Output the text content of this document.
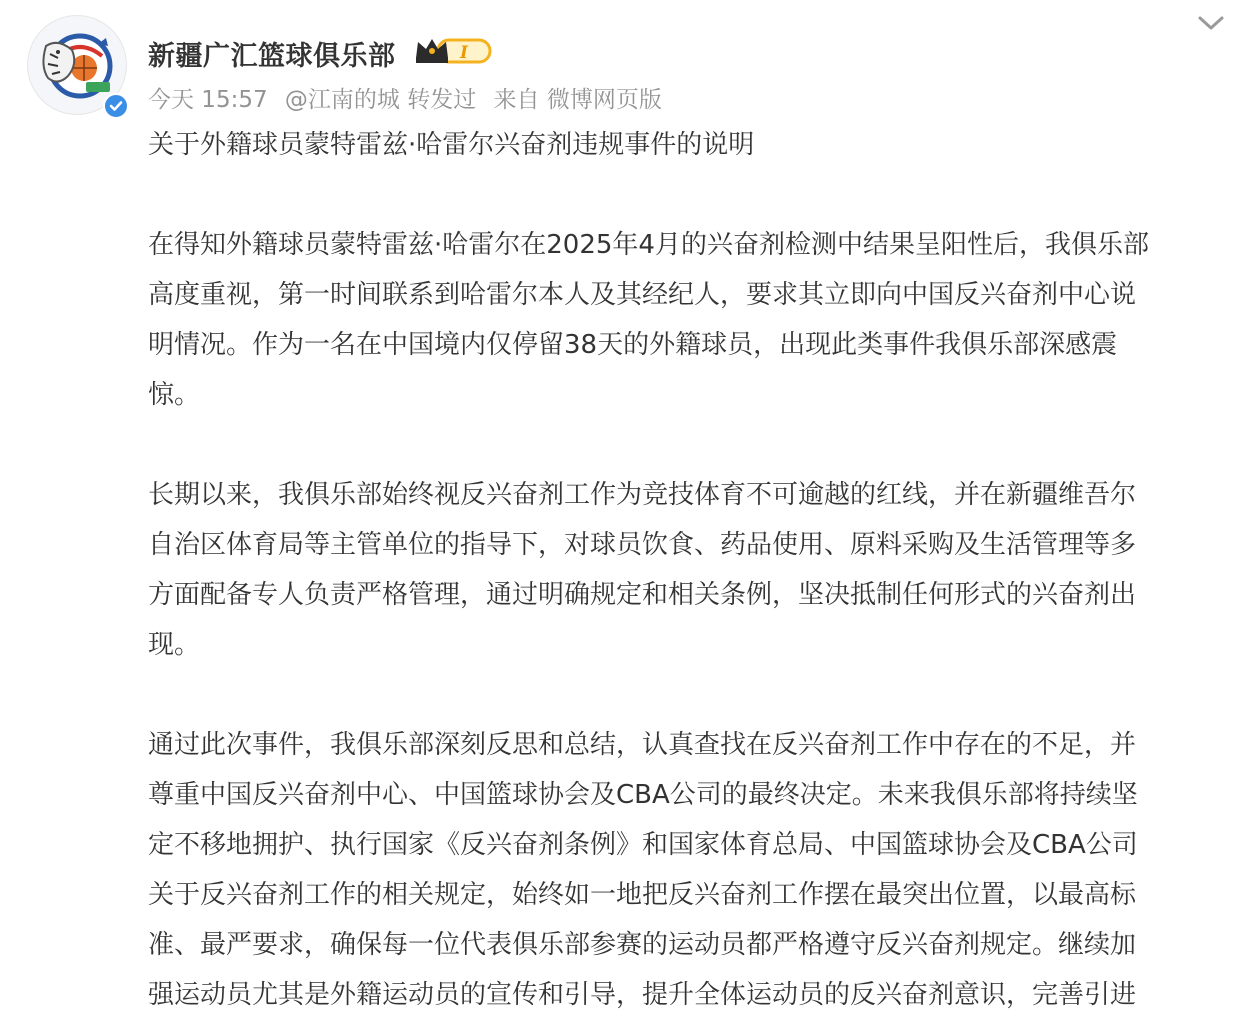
新疆广汇篮球俱乐部	I
今天 15:57 @江南的城 转发过 来自 微博网页版

关于外籍球员蒙特雷兹·哈雷尔兴奋剂违规事件的说明

在得知外籍球员蒙特雷兹·哈雷尔在2025年4月的兴奋剂检测中结果呈阳性后，我俱乐部
高度重视，第一时间联系到哈雷尔本人及其经纪人，要求其立即向中国反兴奋剂中心说
明情况。作为一名在中国境内仅停留38天的外籍球员，出现此类事件我俱乐部深感震
惊。
长期以来，我俱乐部始终视反兴奋剂工作为竞技体育不可逾越的红线，并在新疆维吾尔
自治区体育局等主管单位的指导下，对球员饮食、药品使用、原料采购及生活管理等多
方面配备专人负责严格管理，通过明确规定和相关条例，坚决抵制任何形式的兴奋剂出
现。
通过此次事件，我俱乐部深刻反思和总结，认真查找在反兴奋剂工作中存在的不足，并
尊重中国反兴奋剂中心、中国篮球协会及CBA公司的最终决定。未来我俱乐部将持续坚
定不移地拥护、执行国家《反兴奋剂条例》和国家体育总局、中国篮球协会及CBA公司
关于反兴奋剂工作的相关规定，始终如一地把反兴奋剂工作摆在最突出位置，以最高标
准、最严要求，确保每一位代表俱乐部参赛的运动员都严格遵守反兴奋剂规定。继续加
强运动员尤其是外籍运动员的宣传和引导，提升全体运动员的反兴奋剂意识，完善引进
